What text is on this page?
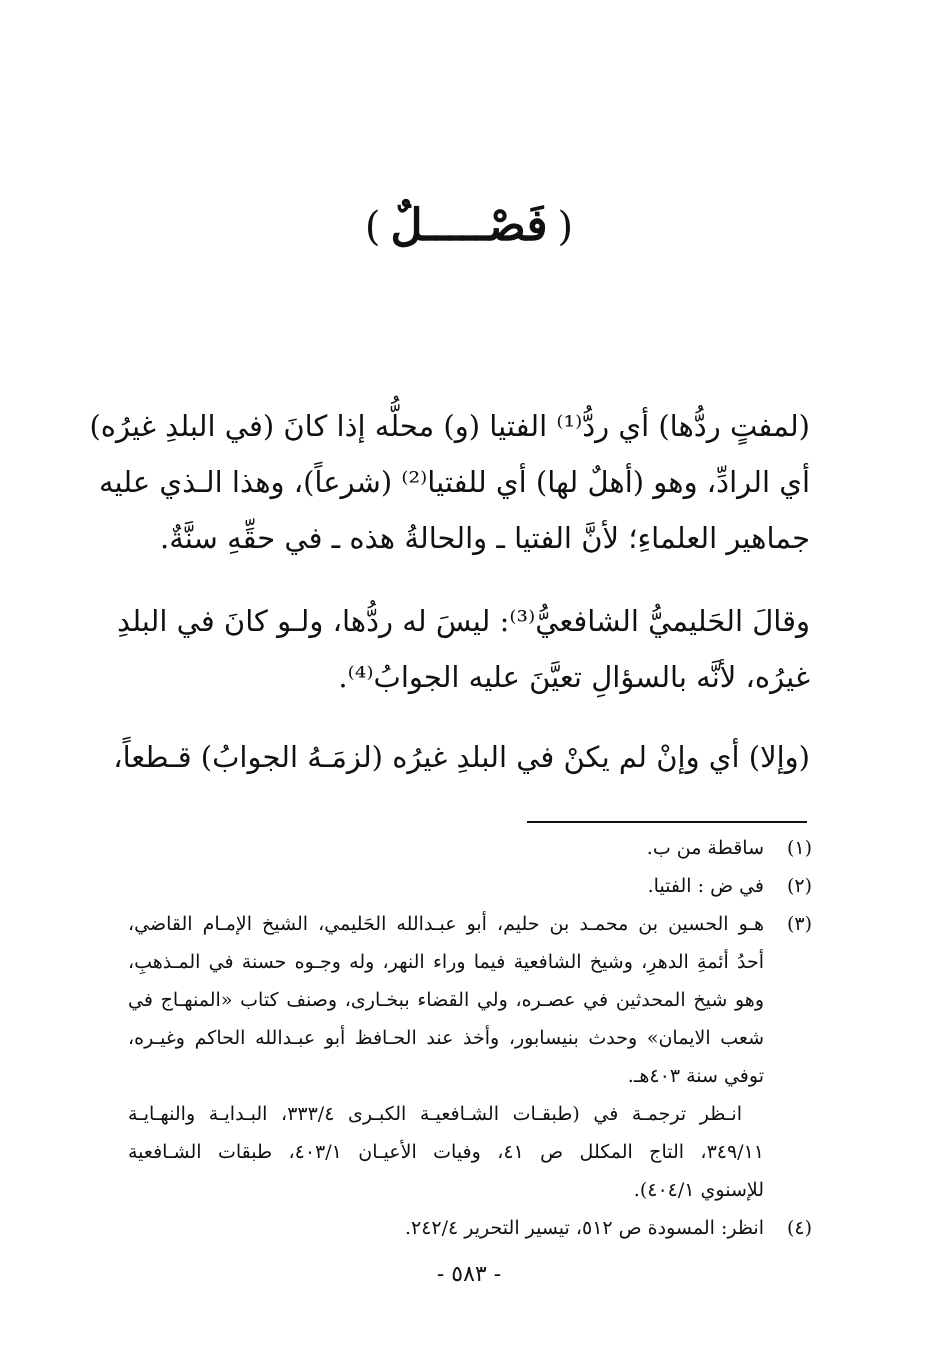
(فَصْـــــلٌ)
(لمفتٍ ردُّها) أي ردُّ⁽¹⁾ الفتيا (و) محلُّه إذا كانَ (في البلدِ غيرُه)
أي الرادِّ، وهو (أهلٌ لها) أي للفتيا⁽²⁾ (شرعاً)، وهذا الـذي عليه
جماهير العلماءِ؛ لأنَّ الفتيا ـ والحالةُ هذه ـ في حقِّهِ سنَّةٌ.
وقالَ الحَليميُّ الشافعيُّ⁽³⁾: ليسَ له ردُّها، ولـو كانَ في البلدِ
غيرُه، لأنَّه بالسؤالِ تعيَّنَ عليه الجوابُ⁽⁴⁾.
(وإلا) أي وإنْ لم يكنْ في البلدِ غيرُه (لزمَـهُ الجوابُ) قـطعاً،
(١)
ساقطة من ب.
(٢)
في ض : الفتيا.
(٣)
هـو الحسين بن محمـد بن حليم، أبو عبـدالله الحَليمي، الشيخ الإمـام القاضي،
أحدُ أئمةِ الدهرِ، وشيخ الشافعية فيما وراء النهر، وله وجـوه حسنة في المـذهبِ،
وهو شيخ المحدثين في عصـره، ولي القضاء ببخـارى، وصنف كتاب «المنهـاج في
شعب الايمان» وحدث بنيسابور، وأخذ عند الحـافظ أبو عبـدالله الحاكم وغيـره،
توفي سنة ٤٠٣هـ.
انـظر ترجمـة في (طبقـات الشـافعيـة الكبـرى ٣٣٣/٤، البـدايـة والنهـايـة
٣٤٩/١١، التاج المكلل ص ٤١، وفيات الأعيـان ٤٠٣/١، طبقات الشـافعية
للإسنوي ٤٠٤/١).
(٤)
انظر: المسودة ص ٥١٢، تيسير التحرير ٢٤٢/٤.
- ٥٨٣ -
